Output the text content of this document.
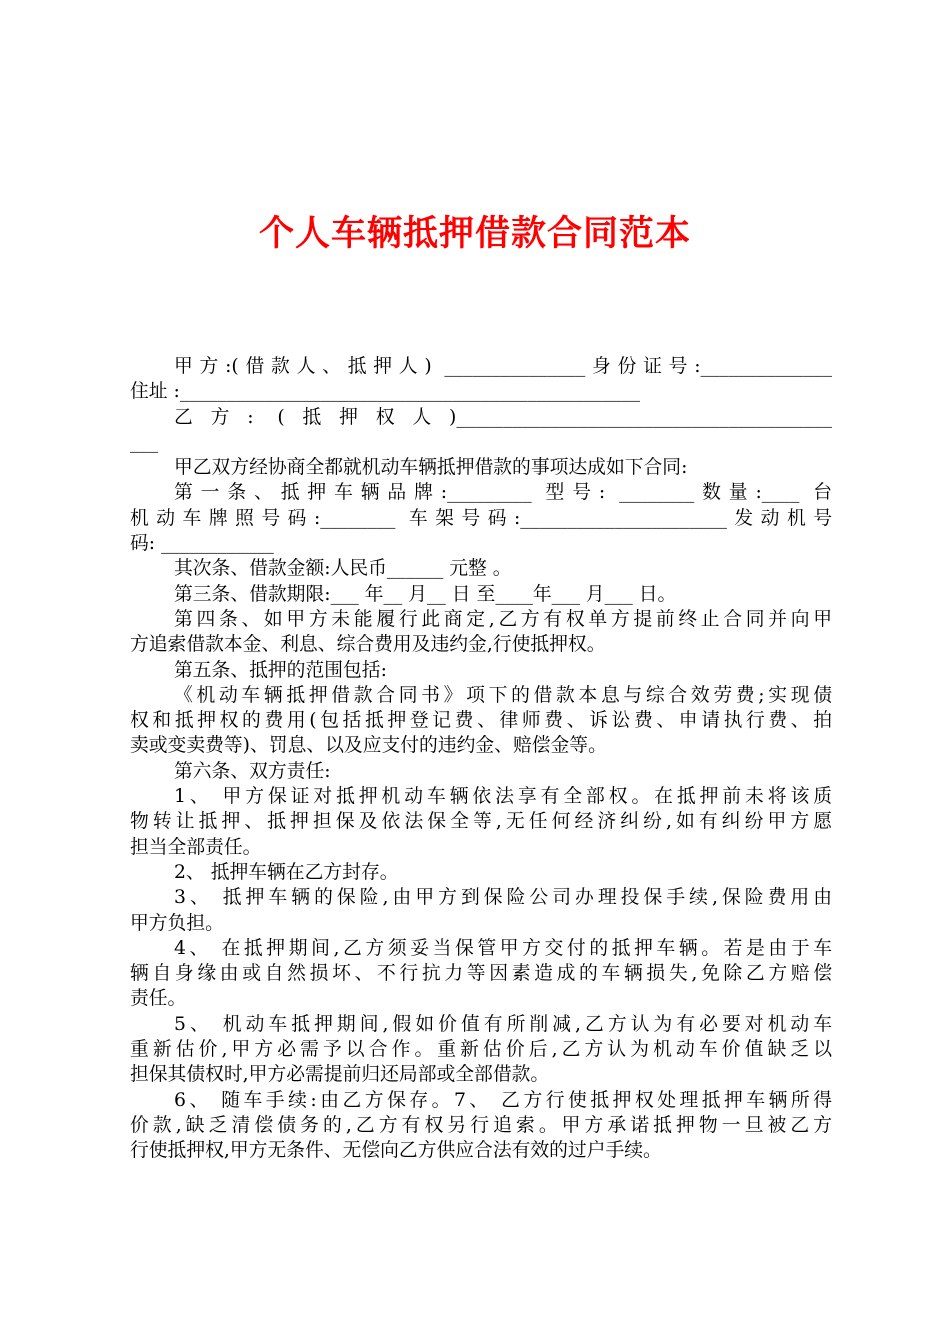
个人车辆抵押借款合同范本
甲方:(借款人、抵押人) _______________身份证号:______________
住址 :_________________________________________________
乙方: (抵押权人)________________________________________
___
甲乙双方经协商全都就机动车辆抵押借款的事项达成如下合同:
第一条、抵押车辆品牌:_________ 型号: ________数量:____ 台
机动车牌照号码:________ 车架号码:______________________发动机号
码: ____________
其次条、借款金额:人民币______ 元整 。
第三条、借款期限:___ 年__ 月__ 日 至____年___ 月___ 日。
第四条、如甲方未能履行此商定,乙方有权单方提前终止合同并向甲
方追索借款本金、利息、综合费用及违约金,行使抵押权。
第五条、抵押的范围包括:
《机动车辆抵押借款合同书》项下的借款本息与综合效劳费;实现债
权和抵押权的费用(包括抵押登记费、律师费、诉讼费、申请执行费、拍
卖或变卖费等)、罚息、以及应支付的违约金、赔偿金等。
第六条、双方责任:
1、 甲方保证对抵押机动车辆依法享有全部权。在抵押前未将该质
物转让抵押、抵押担保及依法保全等,无任何经济纠纷,如有纠纷甲方愿
担当全部责任。
2、 抵押车辆在乙方封存。
3、 抵押车辆的保险,由甲方到保险公司办理投保手续,保险费用由
甲方负担。
4、 在抵押期间,乙方须妥当保管甲方交付的抵押车辆。若是由于车
辆自身缘由或自然损坏、不行抗力等因素造成的车辆损失,免除乙方赔偿
责任。
5、 机动车抵押期间,假如价值有所削减,乙方认为有必要对机动车
重新估价,甲方必需予以合作。重新估价后,乙方认为机动车价值缺乏以
担保其债权时,甲方必需提前归还局部或全部借款。
6、 随车手续:由乙方保存。7、 乙方行使抵押权处理抵押车辆所得
价款,缺乏清偿债务的,乙方有权另行追索。甲方承诺抵押物一旦被乙方
行使抵押权,甲方无条件、无偿向乙方供应合法有效的过户手续。
